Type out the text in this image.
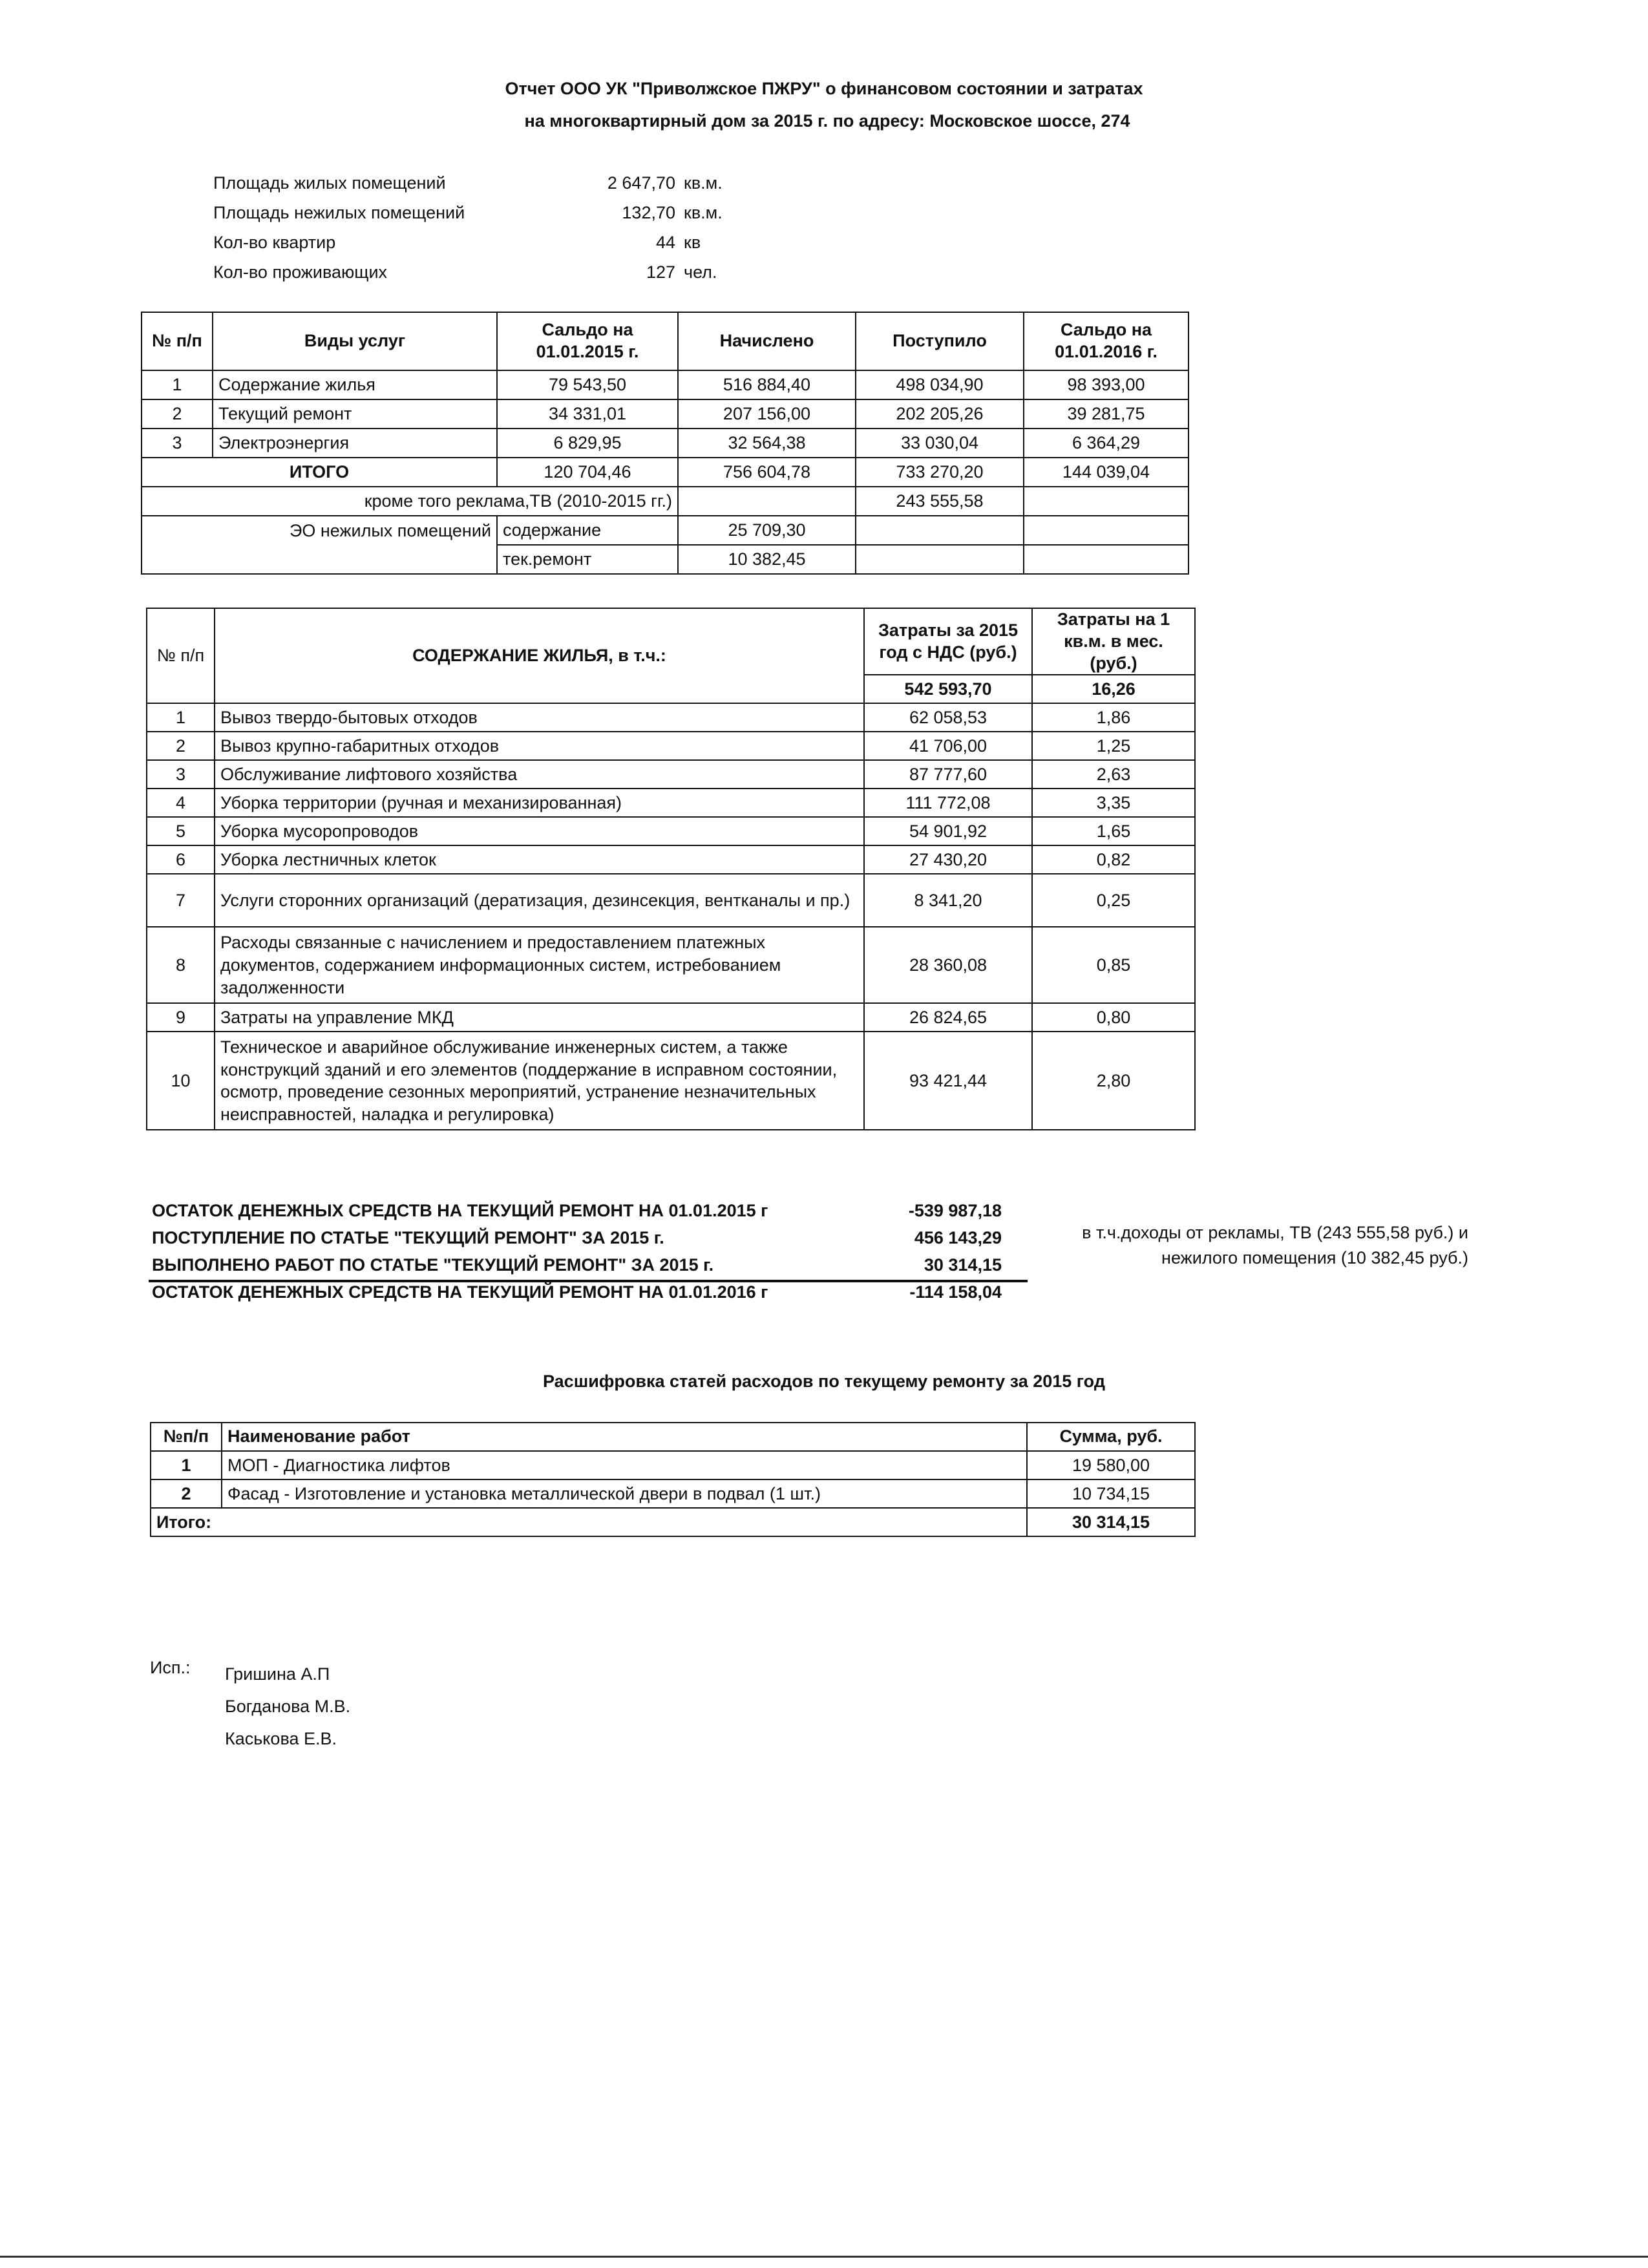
Отчет ООО УК "Приволжское ПЖРУ" о финансовом состоянии и затратах
на многоквартирный дом за 2015 г. по адресу: Московское шоссе, 274
Площадь жилых помещений	2 647,70 кв.м.
Площадь нежилых помещений	132,70 кв.м.
Кол-во квартир	44 кв
Кол-во проживающих	127 чел.
№ п/п	Виды услуг	Сальдо на 01.01.2015 г.	Начислено	Поступило	Сальдо на 01.01.2016 г.
1	Содержание жилья	79 543,50	516 884,40	498 034,90	98 393,00
2	Текущий ремонт	34 331,01	207 156,00	202 205,26	39 281,75
3	Электроэнергия	6 829,95	32 564,38	33 030,04	6 364,29
ИТОГО		120 704,46	756 604,78	733 270,20	144 039,04
кроме того реклама,ТВ (2010-2015 гг.)				243 555,58	
ЭО нежилых помещений		содержание	25 709,30		
		тек.ремонт	10 382,45		
№ п/п	СОДЕРЖАНИЕ ЖИЛЬЯ, в т.ч.:	Затраты за 2015 год с НДС (руб.)	Затраты на 1 кв.м. в мес. (руб.)
		542 593,70	16,26
1	Вывоз твердо-бытовых отходов	62 058,53	1,86
2	Вывоз крупно-габаритных отходов	41 706,00	1,25
3	Обслуживание лифтового хозяйства	87 777,60	2,63
4	Уборка территории (ручная и механизированная)	111 772,08	3,35
5	Уборка мусоропроводов	54 901,92	1,65
6	Уборка лестничных клеток	27 430,20	0,82
7	Услуги сторонних организаций (дератизация, дезинсекция, вентканалы и пр.)	8 341,20	0,25
8	Расходы связанные с начислением и предоставлением платежных документов, содержанием информационных систем, истребованием задолженности	28 360,08	0,85
9	Затраты на управление МКД	26 824,65	0,80
10	Техническое и аварийное обслуживание инженерных систем, а также конструкций зданий и его элементов (поддержание в исправном состоянии, осмотр, проведение сезонных мероприятий, устранение незначительных неисправностей, наладка и регулировка)	93 421,44	2,80
ОСТАТОК ДЕНЕЖНЫХ СРЕДСТВ НА ТЕКУЩИЙ РЕМОНТ НА 01.01.2015 г	-539 987,18
ПОСТУПЛЕНИЕ ПО СТАТЬЕ "ТЕКУЩИЙ РЕМОНТ" ЗА 2015 г.	456 143,29
ВЫПОЛНЕНО РАБОТ ПО СТАТЬЕ "ТЕКУЩИЙ РЕМОНТ" ЗА 2015 г.	30 314,15
ОСТАТОК ДЕНЕЖНЫХ СРЕДСТВ НА ТЕКУЩИЙ РЕМОНТ НА 01.01.2016 г	-114 158,04
в т.ч.доходы от рекламы, ТВ (243 555,58 руб.) и
нежилого помещения (10 382,45 руб.)
Расшифровка статей расходов по текущему ремонту за 2015 год
№п/п	Наименование работ	Сумма, руб.
1	МОП - Диагностика лифтов	19 580,00
2	Фасад - Изготовление и установка металлической двери в подвал (1 шт.)	10 734,15
Итого:		30 314,15
Исп.: Гришина А.П
Богданова М.В.
Каськова Е.В.
